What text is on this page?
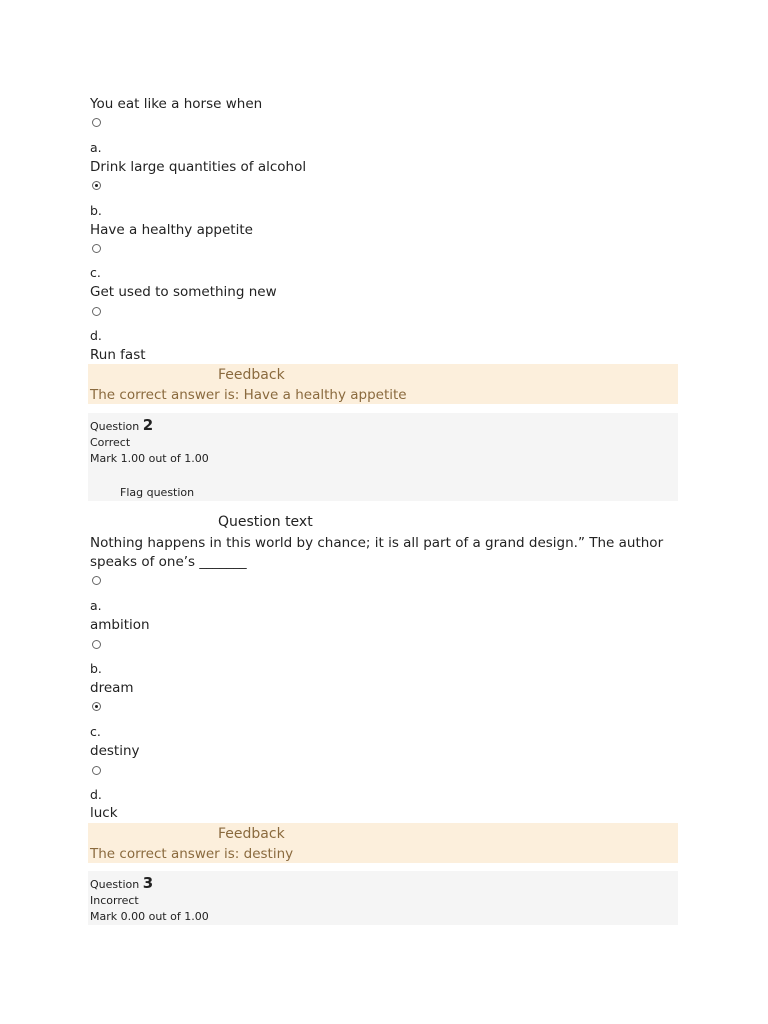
You eat like a horse when
a.
Drink large quantities of alcohol
b.
Have a healthy appetite
c.
Get used to something new
d.
Run fast
Feedback
The correct answer is: Have a healthy appetite
Question 2
Correct
Mark 1.00 out of 1.00
Flag question
Question text
Nothing happens in this world by chance; it is all part of a grand design.” The author speaks of one’s _______
a.
ambition
b.
dream
c.
destiny
d.
luck
Feedback
The correct answer is: destiny
Question 3
Incorrect
Mark 0.00 out of 1.00
